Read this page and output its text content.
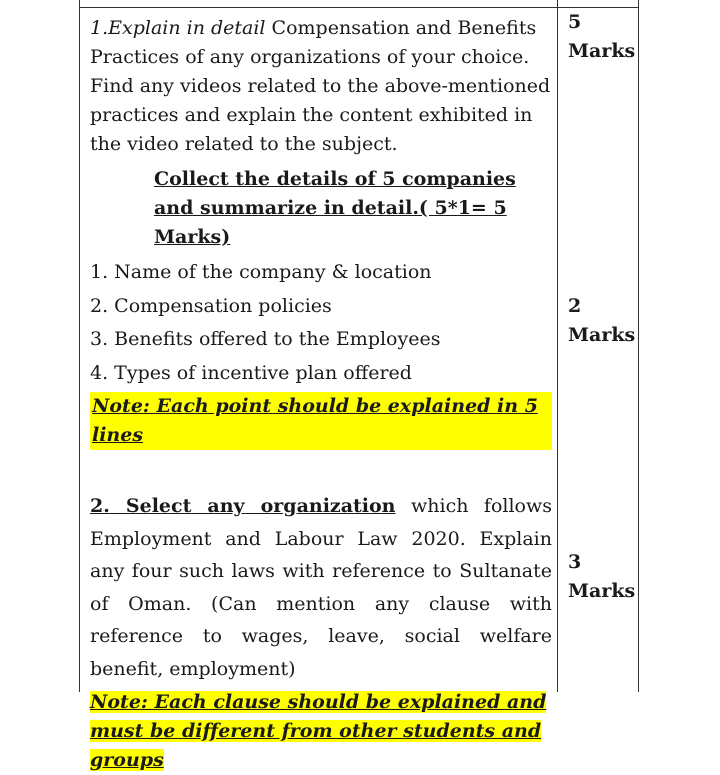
1.Explain in detail Compensation and Benefits Practices of any organizations of your choice. Find any videos related to the above-mentioned practices and explain the content exhibited in the video related to the subject.

Collect the details of 5 companies and summarize in detail.( 5*1= 5 Marks)
1. Name of the company & location
2. Compensation policies
3. Benefits offered to the Employees
4. Types of incentive plan offered
Note: Each point should be explained in 5 lines

2. Select any organization which follows Employment and Labour Law 2020. Explain any four such laws with reference to Sultanate of Oman. (Can mention any clause with reference to wages, leave, social welfare benefit, employment)

Note: Each clause should be explained and must be different from other students and groups
5
Marks
2
Marks
3
Marks
